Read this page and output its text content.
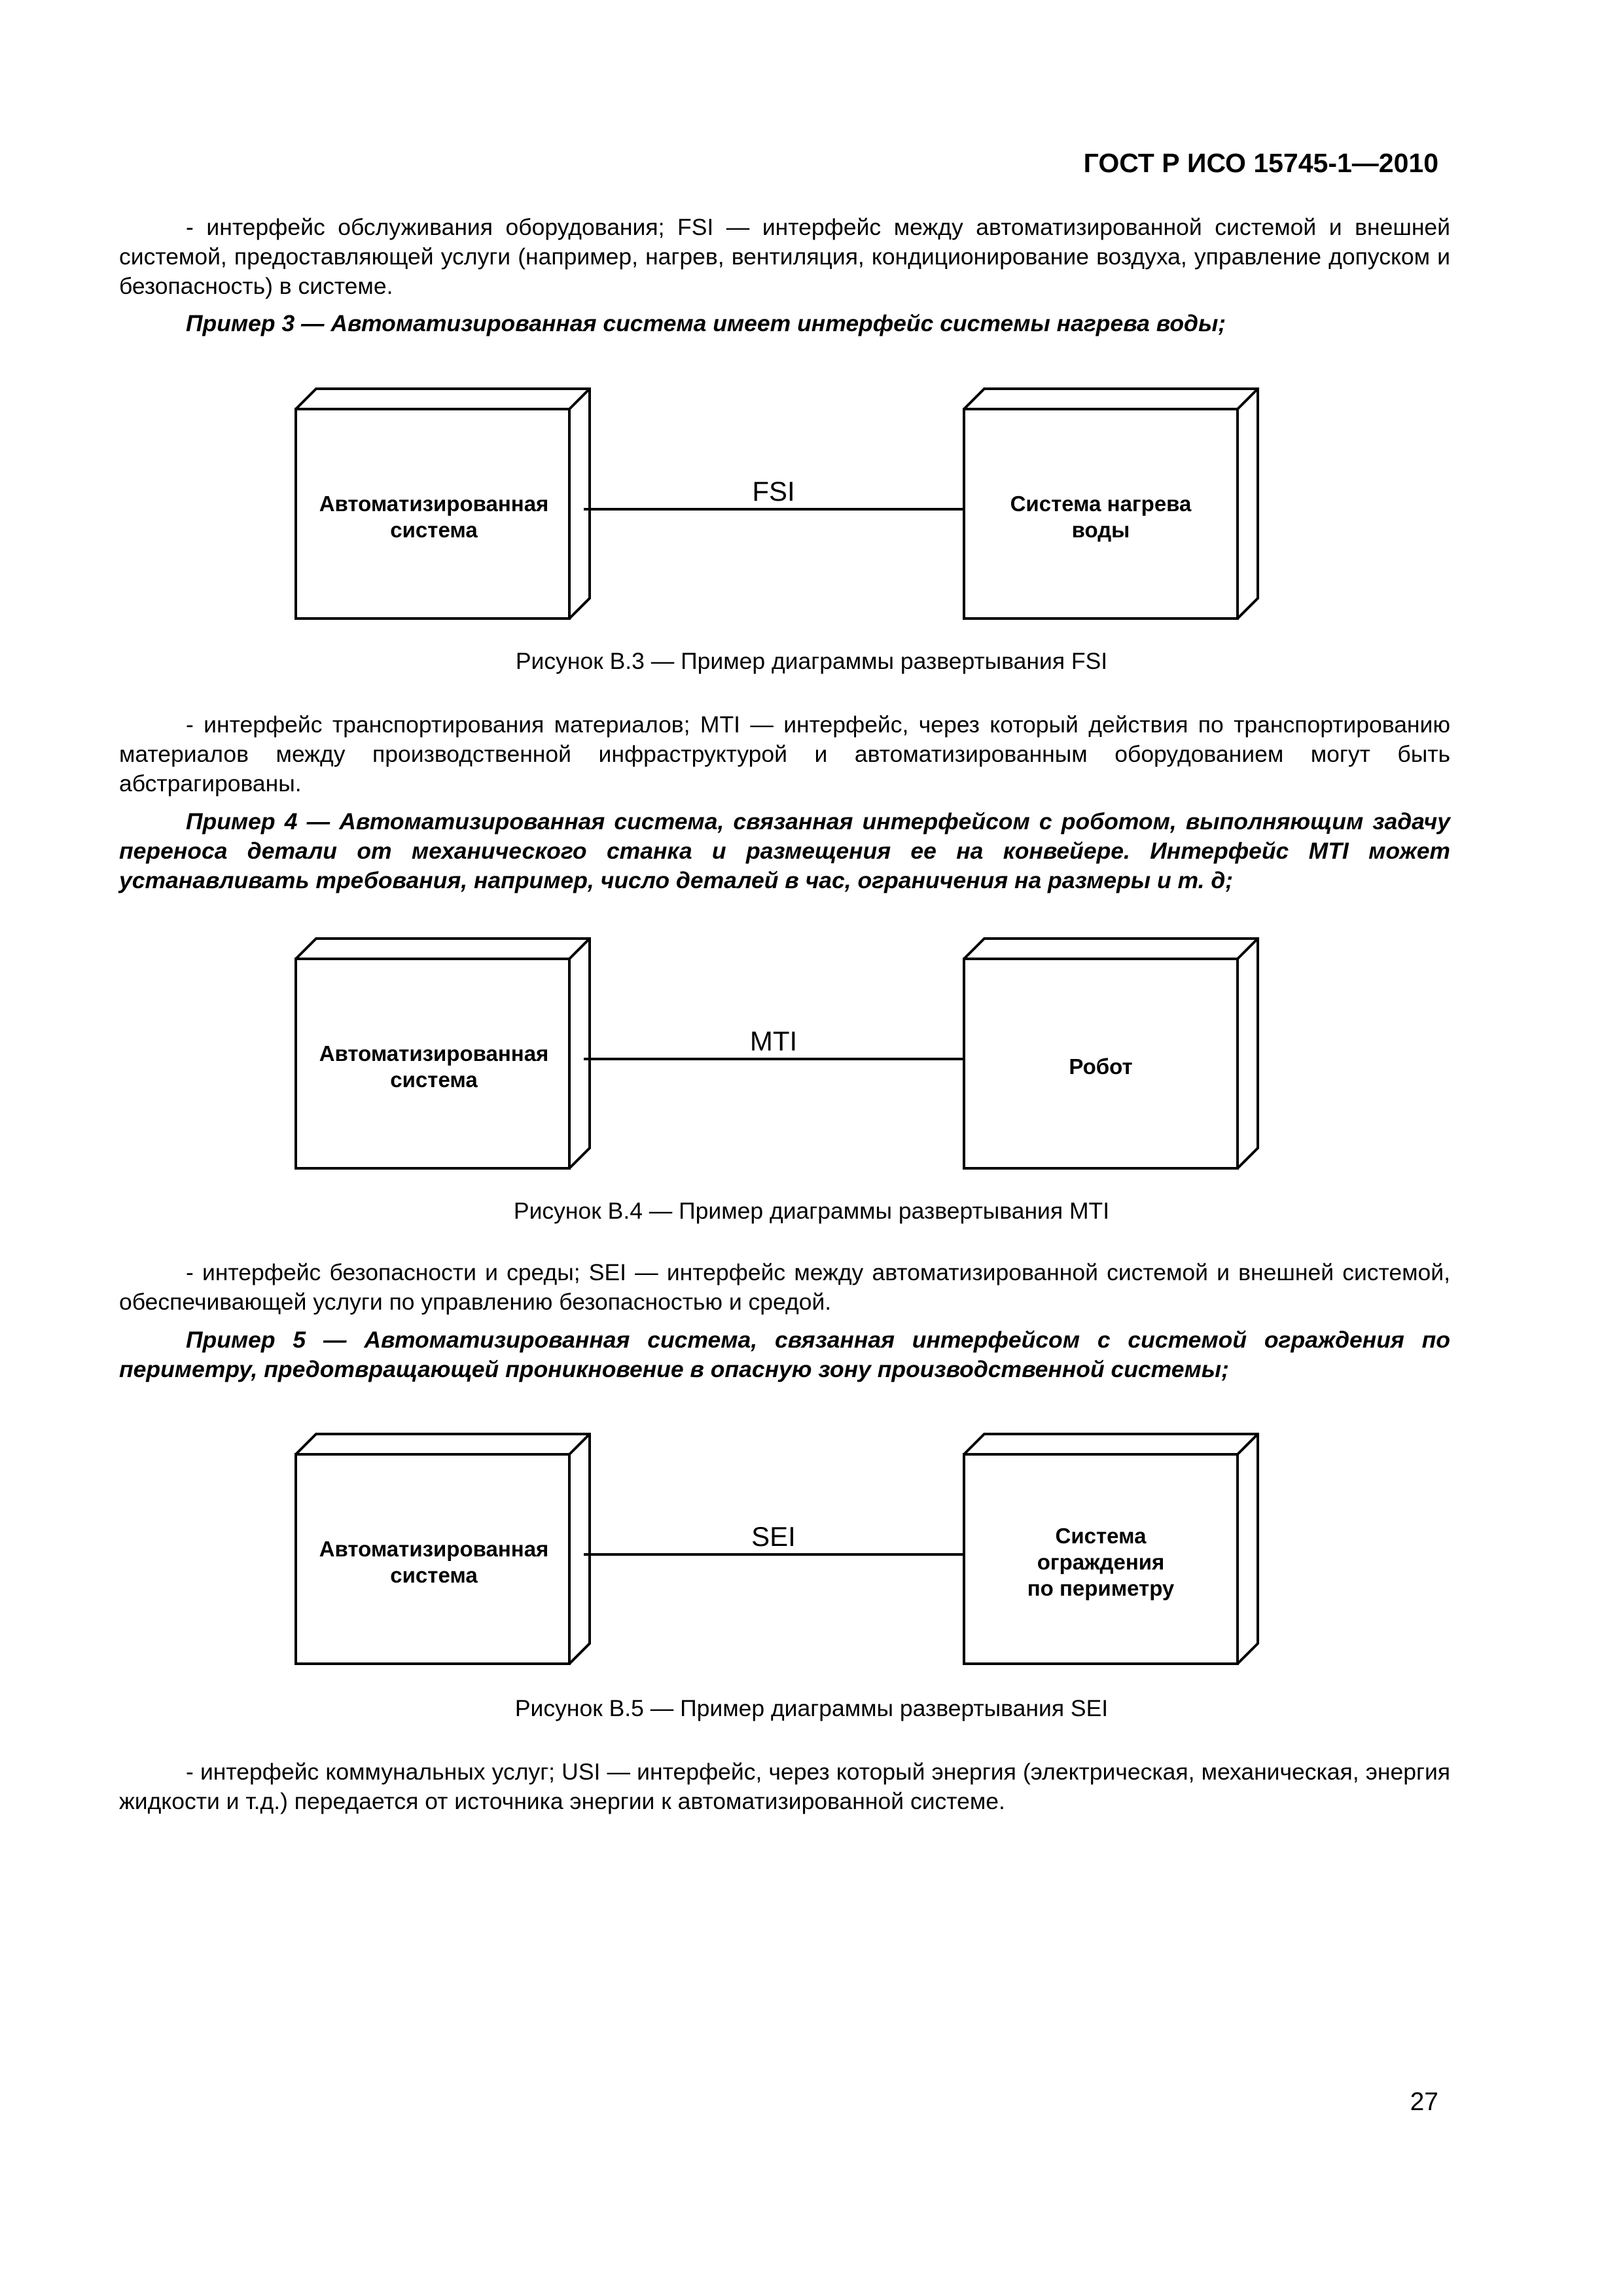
ГОСТ Р ИСО 15745-1—2010
- интерфейс обслуживания оборудования; FSI — интерфейс между автоматизированной системой и внешней системой, предоставляющей услуги (например, нагрев, вентиляция, кондиционирование воздуха, управление допуском и безопасность) в системе.
Пример 3 — Автоматизированная система имеет интерфейс системы нагрева воды;
FSI
Автоматизированная
система
Система нагрева
воды
Рисунок В.3 — Пример диаграммы развертывания FSI
- интерфейс транспортирования материалов; MTI — интерфейс, через который действия по транспортированию материалов между производственной инфраструктурой и автоматизированным оборудованием могут быть абстрагированы.
Пример 4 — Автоматизированная система, связанная интерфейсом с роботом, выполняющим задачу переноса детали от механического станка и размещения ее на конвейере. Интерфейс MTI может устанавливать требования, например, число деталей в час, ограничения на размеры и т. д;
MTI
Автоматизированная
система
Робот
Рисунок В.4 — Пример диаграммы развертывания MTI
- интерфейс безопасности и среды; SEI — интерфейс между автоматизированной системой и внешней системой, обеспечивающей услуги по управлению безопасностью и средой.
Пример 5 — Автоматизированная система, связанная интерфейсом с системой ограждения по периметру, предотвращающей проникновение в опасную зону производственной системы;
SEI
Автоматизированная
система
Система
ограждения
по периметру
Рисунок В.5 — Пример диаграммы развертывания SEI
- интерфейс коммунальных услуг; USI — интерфейс, через который энергия (электрическая, механическая, энергия жидкости и т.д.) передается от источника энергии к автоматизированной системе.
27
